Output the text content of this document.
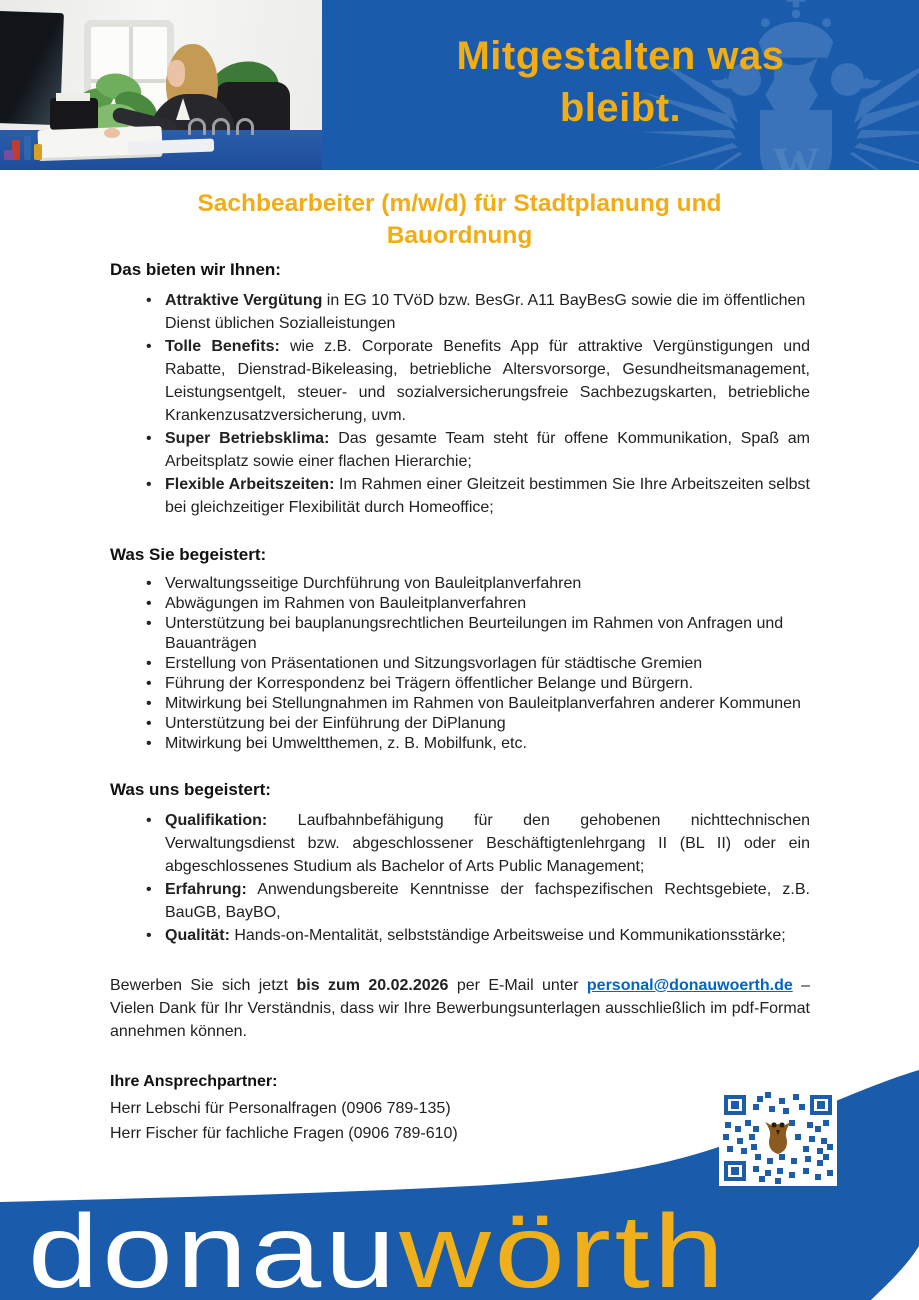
W
Mitgestalten was
bleibt.
Sachbearbeiter (m/w/d) für Stadtplanung und Bauordnung
Das bieten wir Ihnen:
• Attraktive Vergütung in EG 10 TVöD bzw. BesGr. A11 BayBesG sowie die im öffentlichen Dienst üblichen Sozialleistungen
• Tolle Benefits: wie z.B. Corporate Benefits App für attraktive Vergünstigungen und Rabatte, Dienstrad-Bikeleasing, betriebliche Altersvorsorge, Gesundheitsmanagement, Leistungsentgelt, steuer- und sozialversicherungsfreie Sachbezugskarten, betriebliche Krankenzusatzversicherung, uvm.
• Super Betriebsklima: Das gesamte Team steht für offene Kommunikation, Spaß am Arbeitsplatz sowie einer flachen Hierarchie;
• Flexible Arbeitszeiten: Im Rahmen einer Gleitzeit bestimmen Sie Ihre Arbeitszeiten selbst bei gleichzeitiger Flexibilität durch Homeoffice;
Was Sie begeistert:
• Verwaltungsseitige Durchführung von Bauleitplanverfahren
• Abwägungen im Rahmen von Bauleitplanverfahren
• Unterstützung bei bauplanungsrechtlichen Beurteilungen im Rahmen von Anfragen und Bauanträgen
• Erstellung von Präsentationen und Sitzungsvorlagen für städtische Gremien
• Führung der Korrespondenz bei Trägern öffentlicher Belange und Bürgern.
• Mitwirkung bei Stellungnahmen im Rahmen von Bauleitplanverfahren anderer Kommunen
• Unterstützung bei der Einführung der DiPlanung
• Mitwirkung bei Umweltthemen, z. B. Mobilfunk, etc.
Was uns begeistert:
• Qualifikation: Laufbahnbefähigung für den gehobenen nichttechnischen Verwaltungsdienst bzw. abgeschlossener Beschäftigtenlehrgang II (BL II) oder ein abgeschlossenes Studium als Bachelor of Arts Public Management;
• Erfahrung: Anwendungsbereite Kenntnisse der fachspezifischen Rechtsgebiete, z.B. BauGB, BayBO,
• Qualität: Hands-on-Mentalität, selbstständige Arbeitsweise und Kommunikationsstärke;

Bewerben Sie sich jetzt bis zum 20.02.2026 per E-Mail unter personal@donauwoerth.de – Vielen Dank für Ihr Verständnis, dass wir Ihre Bewerbungsunterlagen ausschließlich im pdf-Format annehmen können.

Ihre Ansprechpartner:

Herr Lebschi für Personalfragen (0906 789-135)

Herr Fischer für fachliche Fragen (0906 789-610)

donauwörth
